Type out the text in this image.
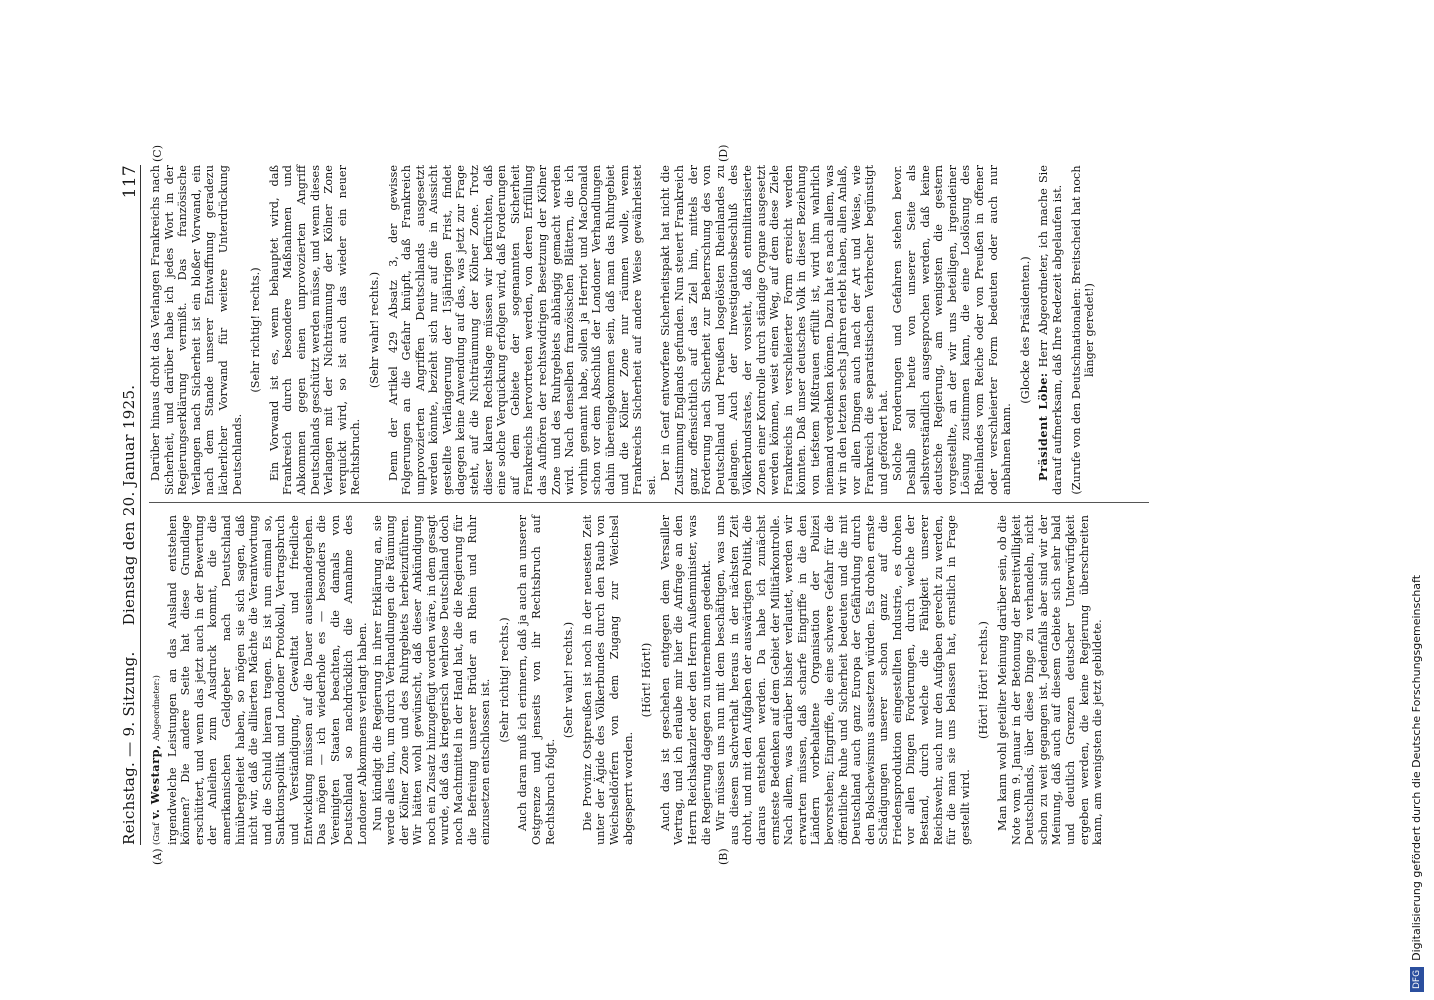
Reichstag. — 9. Sitzung.
Dienstag den 20. Januar 1925.
117
(A)	(B)
(C)	(D)

(Graf v. Westarp, Abgeordneter:) irgendwelche Leistungen an das Ausland entstehen können? Die andere Seite hat diese Grundlage erschüttert, und wenn das jetzt auch in der Bewertung der Anleihen zum Ausdruck kommt, die die amerikanischen Geldgeber nach Deutschland hinübergeleitet haben, so mögen sie sich sagen, daß nicht wir, daß die alliierten Mächte die Verantwortung und die Schuld hieran tragen. Es ist nun einmal so, Sanktionspolitik und Londoner Protokoll, Vertragsbruch und Verständigung, Gewalttat und friedliche Entwicklung müssen auf die Dauer auseinandergehen. Das mögen — ich wiederhole es — besonders die Vereinigten Staaten beachten, die damals von Deutschland so nachdrücklich die Annahme des Londoner Abkommens verlangt haben. Nun kündigt die Regierung in ihrer Erklärung an, sie werde alles tun, um durch Verhandlungen die Räumung der Kölner Zone und des Ruhrgebiets herbeizuführen. Wir hätten wohl gewünscht, daß dieser Ankündigung noch ein Zusatz hinzugefügt worden wäre, in dem gesagt wurde, daß das kriegerisch wehrlose Deutschland doch noch Machtmittel in der Hand hat, die die Regierung für die Befreiung unserer Brüder an Rhein und Ruhr einzusetzen entschlossen ist. (Sehr richtig! rechts.) Auch daran muß ich erinnern, daß ja auch an unserer Ostgrenze und jenseits von ihr Rechtsbruch auf Rechtsbruch folgt.

(Sehr wahr! rechts.) Die Provinz Ostpreußen ist noch in der neuesten Zeit unter der Ägide des Völkerbundes durch den Raub von Weichseldörfern von dem Zugang zur Weichsel abgesperrt worden.

(Hört! Hört!) Auch das ist geschehen entgegen dem Versailler Vertrag, und ich erlaube mir hier die Anfrage an den Herrn Reichskanzler oder den Herrn Außenminister, was die Regierung dagegen zu unternehmen gedenkt. Wir müssen uns nun mit dem beschäftigen, was uns aus diesem Sachverhalt heraus in der nächsten Zeit droht, und mit den Aufgaben der auswärtigen Politik, die daraus entstehen werden. Da habe ich zunächst ernsteste Bedenken auf dem Gebiet der Militärkontrolle. Nach allem, was darüber bisher verlautet, werden wir erwarten müssen, daß scharfe Eingriffe in die den Ländern vorbehaltene Organisation der Polizei bevorstehen; Eingriffe, die eine schwere Gefahr für die öffentliche Ruhe und Sicherheit bedeuten und die mit Deutschland auch ganz Europa der Gefährdung durch den Bolschewismus aussetzen würden. Es drohen ernste Schädigungen unserer schon ganz auf die Friedensproduktion eingestellten Industrie, es drohen vor allen Dingen Forderungen, durch welche der Bestand, durch welche die Fähigkeit unserer Reichswehr, auch nur den Aufgaben gerecht zu werden, für die man sie uns belassen hat, ernstlich in Frage gestellt wird.

(Hört! Hört! rechts.) Man kann wohl geteilter Meinung darüber sein, ob die Note vom 9. Januar in der Betonung der Bereitwilligkeit Deutschlands, über diese Dinge zu verhandeln, nicht schon zu weit gegangen ist. Jedenfalls aber sind wir der Meinung, daß auch auf diesem Gebiete sich sehr bald und deutlich Grenzen deutscher Unterwürfigkeit ergeben werden, die keine Regierung überschreiten kann, am wenigsten die jetzt gebildete.

Darüber hinaus droht das Verlangen Frankreichs nach Sicherheit, und darüber habe ich jedes Wort in der Regierungserklärung vermißt. Das französische Verlangen nach Sicherheit ist ein bloßer Vorwand, ein nach dem Stande unserer Entwaffnung geradezu lächerlicher Vorwand für weitere Unterdrückung Deutschlands.

(Sehr richtig! rechts.) Ein Vorwand ist es, wenn behauptet wird, daß Frankreich durch besondere Maßnahmen und Abkommen gegen einen unprovozierten Angriff Deutschlands geschützt werden müsse, und wenn dieses Verlangen mit der Nichträumung der Kölner Zone verquickt wird, so ist auch das wieder ein neuer Rechtsbruch.

(Sehr wahr! rechts.) Denn der Artikel 429 Absatz 3, der gewisse Folgerungen an die Gefahr knüpft, daß Frankreich unprovozierten Angriffen Deutschlands ausgesetzt werden könnte, bezieht sich nur auf die in Aussicht gestellte Verlängerung der 15jährigen Frist, findet dagegen keine Anwendung auf das, was jetzt zur Frage steht, auf die Nichträumung der Kölner Zone. Trotz dieser klaren Rechtslage müssen wir befürchten, daß eine solche Verquickung erfolgen wird, daß Forderungen auf dem Gebiete der sogenannten Sicherheit Frankreichs hervortreten werden, von deren Erfüllung das Aufhören der rechtswidrigen Besetzung der Kölner Zone und des Ruhrgebiets abhängig gemacht werden wird. Nach denselben französischen Blättern, die ich vorhin genannt habe, sollen ja Herriot und MacDonald schon vor dem Abschluß der Londoner Verhandlungen dahin übereingekommen sein, daß man das Ruhrgebiet und die Kölner Zone nur räumen wolle, wenn Frankreichs Sicherheit auf andere Weise gewährleistet sei.

Der in Genf entworfene Sicherheitspakt hat nicht die Zustimmung Englands gefunden. Nun steuert Frankreich ganz offensichtlich auf das Ziel hin, mittels der Forderung nach Sicherheit zur Beherrschung des von Deutschland und Preußen losgelösten Rheinlandes zu gelangen. Auch der Investigationsbeschluß des Völkerbundsrates, der vorsieht, daß entmilitarisierte Zonen einer Kontrolle durch ständige Organe ausgesetzt werden können, weist einen Weg, auf dem diese Ziele Frankreichs in verschleierter Form erreicht werden könnten. Daß unser deutsches Volk in dieser Beziehung von tiefstem Mißtrauen erfüllt ist, wird ihm wahrlich niemand verdenken können. Dazu hat es nach allem, was wir in den letzten sechs Jahren erlebt haben, allen Anlaß, vor allen Dingen auch nach der Art und Weise, wie Frankreich die separatistischen Verbrecher begünstigt und gefördert hat. Solche Forderungen und Gefahren stehen bevor. Deshalb soll heute von unserer Seite als selbstverständlich ausgesprochen werden, daß keine deutsche Regierung, am wenigsten die gestern vorgestellte, an der wir uns beteiligen, irgendeiner Lösung zustimmen kann, die eine Loslösung des Rheinlandes vom Reiche oder von Preußen in offener oder verschleierter Form bedeuten oder auch nur anbahnen kann.

(Glocke des Präsidenten.)

Präsident Löbe: Herr Abgeordneter, ich mache Sie darauf aufmerksam, daß Ihre Redezeit abgelaufen ist. (Zurufe von den Deutschnationalen: Breitscheid hat noch länger geredet!)

DFGDigitalisierung gefördert durch die Deutsche Forschungsgemeinschaft
